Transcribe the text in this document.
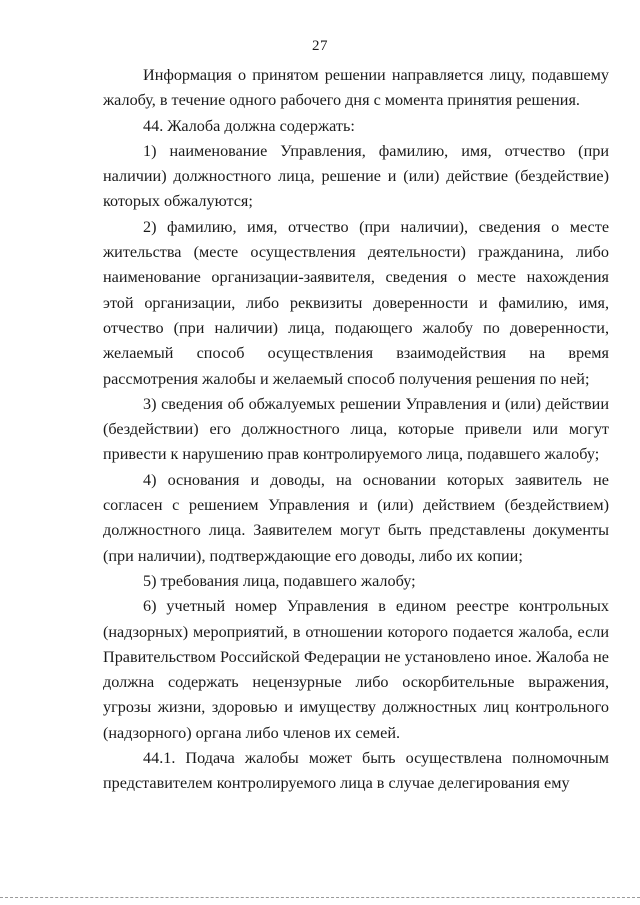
27

Информация о принятом решении направляется лицу, подавшему жалобу, в течение одного рабочего дня с момента принятия решения.

44. Жалоба должна содержать:

1) наименование Управления, фамилию, имя, отчество (при наличии) должностного лица, решение и (или) действие (бездействие) которых обжалуются;

2) фамилию, имя, отчество (при наличии), сведения о месте жительства (месте осуществления деятельности) гражданина, либо наименование организации-заявителя, сведения о месте нахождения этой организации, либо реквизиты доверенности и фамилию, имя, отчество (при наличии) лица, подающего жалобу по доверенности, желаемый способ осуществления взаимодействия на время рассмотрения жалобы и желаемый способ получения решения по ней;

3) сведения об обжалуемых решении Управления и (или) действии (бездействии) его должностного лица, которые привели или могут привести к нарушению прав контролируемого лица, подавшего жалобу;

4) основания и доводы, на основании которых заявитель не согласен с решением Управления и (или) действием (бездействием) должностного лица. Заявителем могут быть представлены документы (при наличии), подтверждающие его доводы, либо их копии;

5) требования лица, подавшего жалобу;

6) учетный номер Управления в едином реестре контрольных (надзорных) мероприятий, в отношении которого подается жалоба, если Правительством Российской Федерации не установлено иное. Жалоба не должна содержать нецензурные либо оскорбительные выражения, угрозы жизни, здоровью и имуществу должностных лиц контрольного (надзорного) органа либо членов их семей.

44.1. Подача жалобы может быть осуществлена полномочным представителем контролируемого лица в случае делегирования ему
